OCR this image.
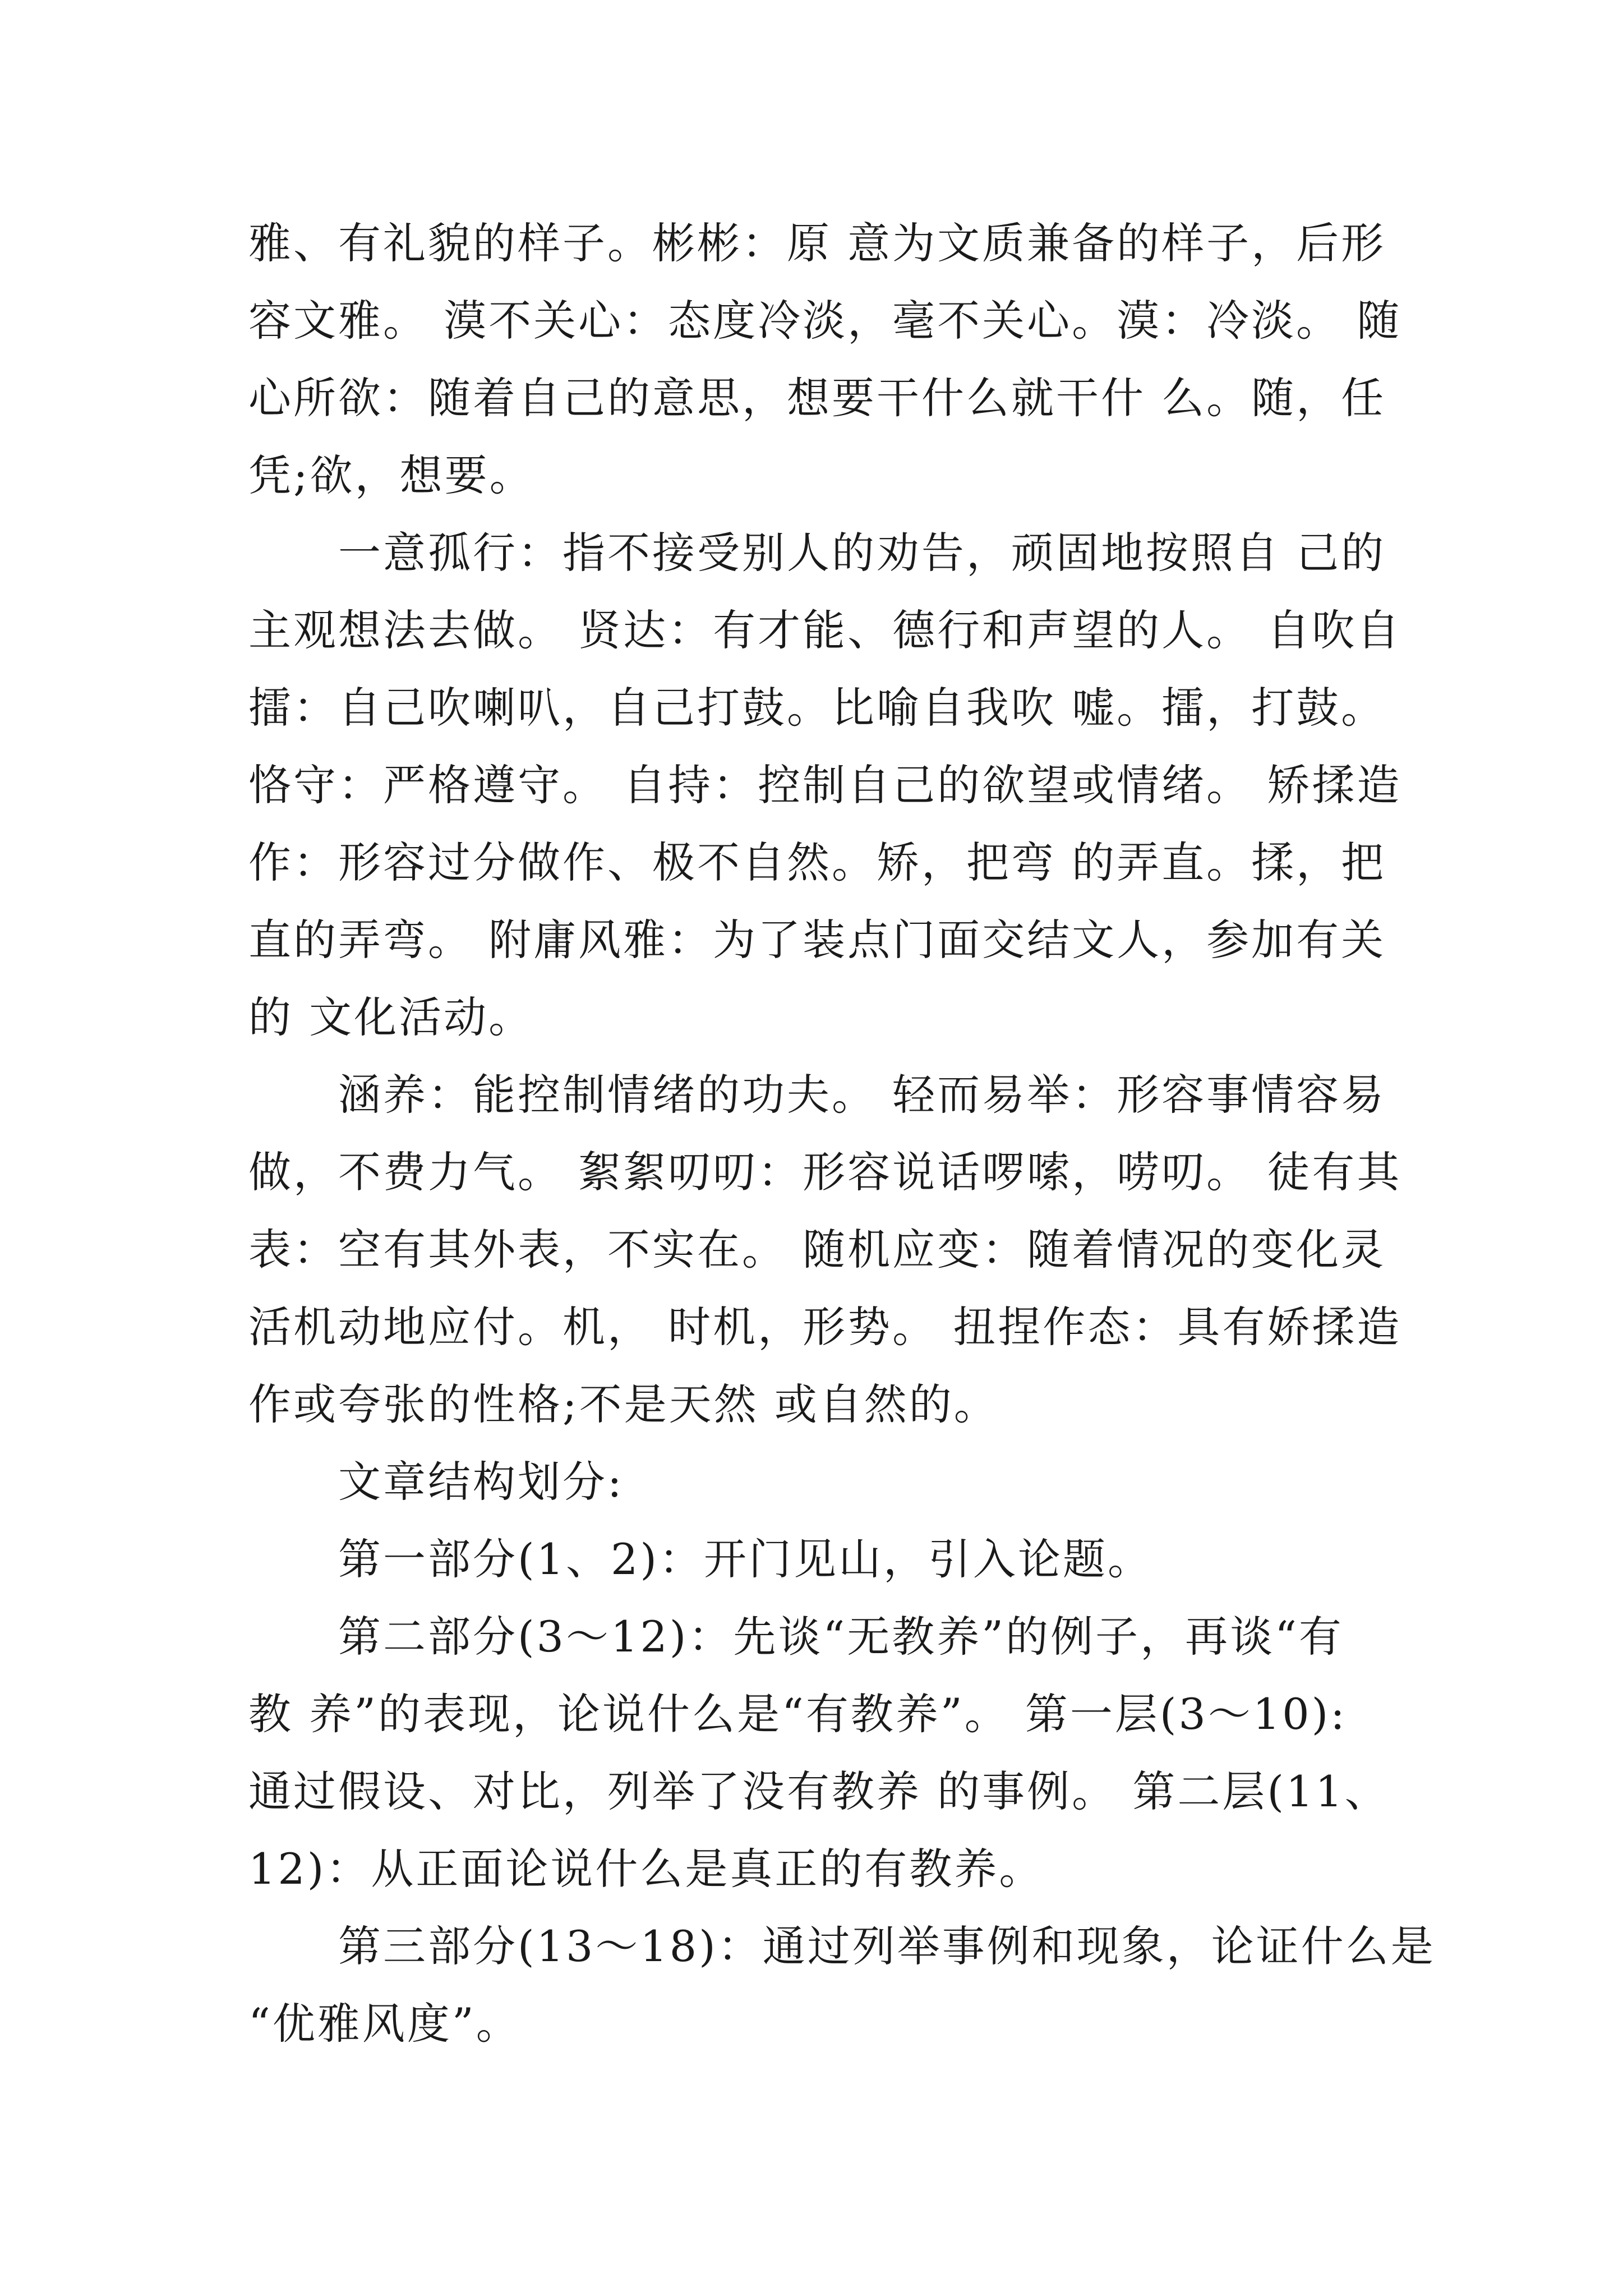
雅、有礼貌的样子。彬彬：原 意为文质兼备的样子，后形
容文雅。 漠不关心：态度冷淡，毫不关心。漠：冷淡。 随
心所欲：随着自己的意思，想要干什么就干什 么。随，任
凭;欲，想要。

一意孤行：指不接受别人的劝告，顽固地按照自 己的
主观想法去做。 贤达：有才能、德行和声望的人。 自吹自
擂：自己吹喇叭，自己打鼓。比喻自我吹 嘘。擂，打鼓。
恪守：严格遵守。 自持：控制自己的欲望或情绪。 矫揉造
作：形容过分做作、极不自然。矫，把弯 的弄直。揉，把
直的弄弯。 附庸风雅：为了装点门面交结文人，参加有关
的 文化活动。

涵养：能控制情绪的功夫。 轻而易举：形容事情容易
做，不费力气。 絮絮叨叨：形容说话啰嗦，唠叨。 徒有其
表：空有其外表，不实在。 随机应变：随着情况的变化灵
活机动地应付。机， 时机，形势。 扭捏作态：具有娇揉造
作或夸张的性格;不是天然 或自然的。

文章结构划分:

第一部分(1、2)：开门见山，引入论题。

第二部分(3～12)：先谈“无教养”的例子，再谈“有
教 养”的表现，论说什么是“有教养”。 第一层(3～10):
通过假设、对比，列举了没有教养 的事例。 第二层(11、
12)：从正面论说什么是真正的有教养。

第三部分(13～18)：通过列举事例和现象，论证什么是
“优雅风度”。
